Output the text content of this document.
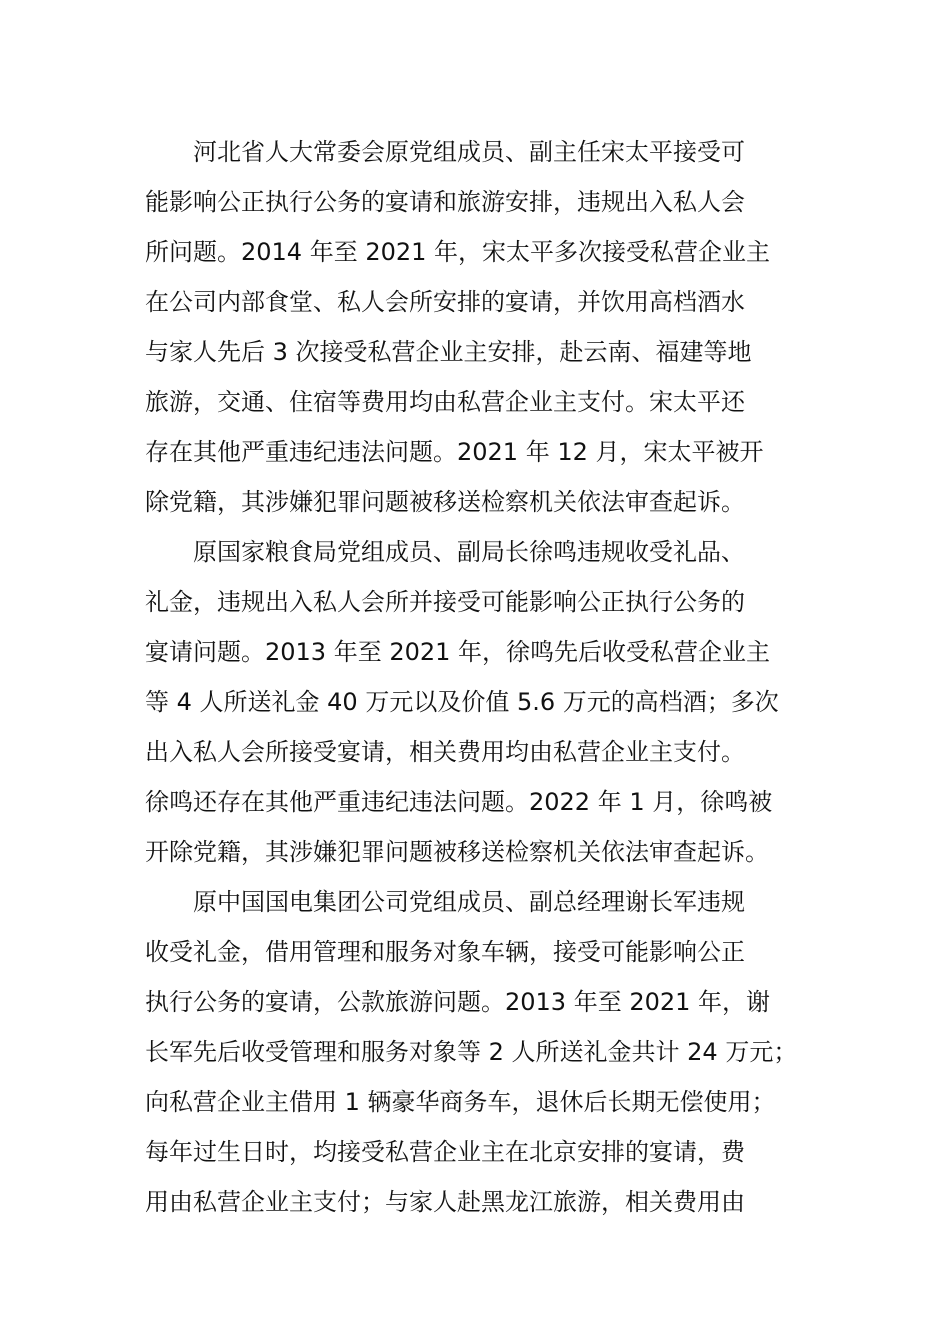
河北省人大常委会原党组成员、副主任宋太平接受可
能影响公正执行公务的宴请和旅游安排，违规出入私人会
所问题。2014 年至 2021 年，宋太平多次接受私营企业主
在公司内部食堂、私人会所安排的宴请，并饮用高档酒水
与家人先后 3 次接受私营企业主安排，赴云南、福建等地
旅游，交通、住宿等费用均由私营企业主支付。宋太平还
存在其他严重违纪违法问题。2021 年 12 月，宋太平被开
除党籍，其涉嫌犯罪问题被移送检察机关依法审查起诉。
原国家粮食局党组成员、副局长徐鸣违规收受礼品、
礼金，违规出入私人会所并接受可能影响公正执行公务的
宴请问题。2013 年至 2021 年，徐鸣先后收受私营企业主
等 4 人所送礼金 40 万元以及价值 5.6 万元的高档酒；多次
出入私人会所接受宴请，相关费用均由私营企业主支付。
徐鸣还存在其他严重违纪违法问题。2022 年 1 月，徐鸣被
开除党籍，其涉嫌犯罪问题被移送检察机关依法审查起诉。
原中国国电集团公司党组成员、副总经理谢长军违规
收受礼金，借用管理和服务对象车辆，接受可能影响公正
执行公务的宴请，公款旅游问题。2013 年至 2021 年，谢
长军先后收受管理和服务对象等 2 人所送礼金共计 24 万元；
向私营企业主借用 1 辆豪华商务车，退休后长期无偿使用；
每年过生日时，均接受私营企业主在北京安排的宴请，费
用由私营企业主支付；与家人赴黑龙江旅游，相关费用由
